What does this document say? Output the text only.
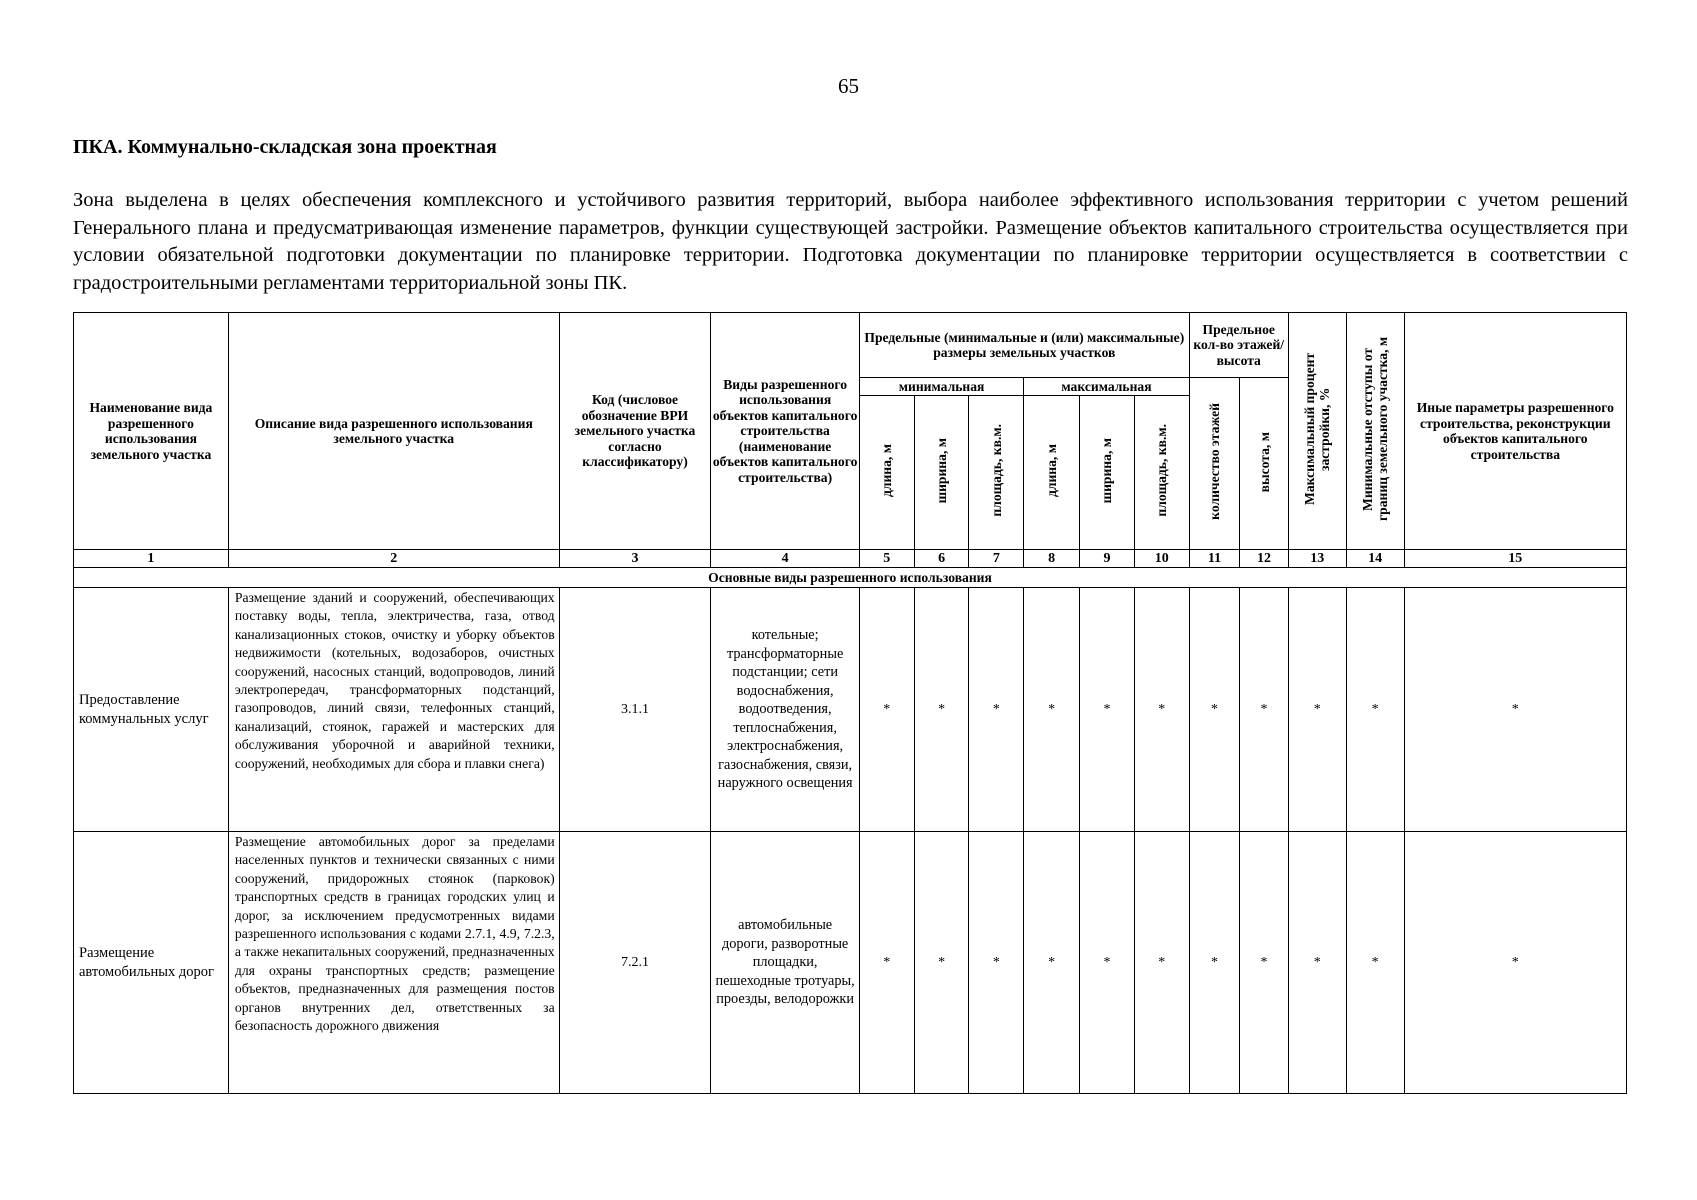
65
ПКА. Коммунально-складская зона проектная
Зона выделена в целях обеспечения комплексного и устойчивого развития территорий, выбора наиболее эффективного использования территории с учетом решений Генерального плана и предусматривающая изменение параметров, функции существующей застройки. Размещение объектов капитального строительства осуществляется при условии обязательной подготовки документации по планировке территории. Подготовка документации по планировке территории осуществляется в соответствии с градостроительными регламентами территориальной зоны ПК.
Наименование вида разрешенного использования земельного участка	Описание вида разрешенного использования земельного участка	Код (числовое обозначение ВРИ земельного участка согласно классификатору)	Виды разрешенного использования объектов капитального строительства (наименование объектов капитального строительства)	Предельные (минимальные и (или) максимальные) размеры земельных участков						Предельное кол-во этажей/ высота		Максимальный процент застройки, %	Минимальные отступы от границ земельного участка, м	Иные параметры разрешенного строительства, реконструкции объектов капитального строительства
				минимальная			максимальная			количество этажей	высота, м			
				длина, м	ширина, м	площадь, кв.м.	длина, м	ширина, м	площадь, кв.м.					
1	2	3	4	5	6	7	8	9	10	11	12	13	14	15
Основные виды разрешенного использования														
Предоставление коммунальных услуг	Размещение зданий и сооружений, обеспечивающих поставку воды, тепла, электричества, газа, отвод канализационных стоков, очистку и уборку объектов недвижимости (котельных, водозаборов, очистных сооружений, насосных станций, водопроводов, линий электропередач, трансформаторных подстанций, газопроводов, линий связи, телефонных станций, канализаций, стоянок, гаражей и мастерских для обслуживания уборочной и аварийной техники, сооружений, необходимых для сбора и плавки снега)	3.1.1	котельные; трансформаторные подстанции; сети водоснабжения, водоотведения, теплоснабжения, электроснабжения, газоснабжения, связи, наружного освещения	*	*	*	*	*	*	*	*	*	*	*
Размещение автомобильных дорог	Размещение автомобильных дорог за пределами населенных пунктов и технически связанных с ними сооружений, придорожных стоянок (парковок) транспортных средств в границах городских улиц и дорог, за исключением предусмотренных видами разрешенного использования с кодами 2.7.1, 4.9, 7.2.3, а также некапитальных сооружений, предназначенных для охраны транспортных средств; размещение объектов, предназначенных для размещения постов органов внутренних дел, ответственных за безопасность дорожного движения	7.2.1	автомобильные дороги, разворотные площадки, пешеходные тротуары, проезды, велодорожки	*	*	*	*	*	*	*	*	*	*	*
